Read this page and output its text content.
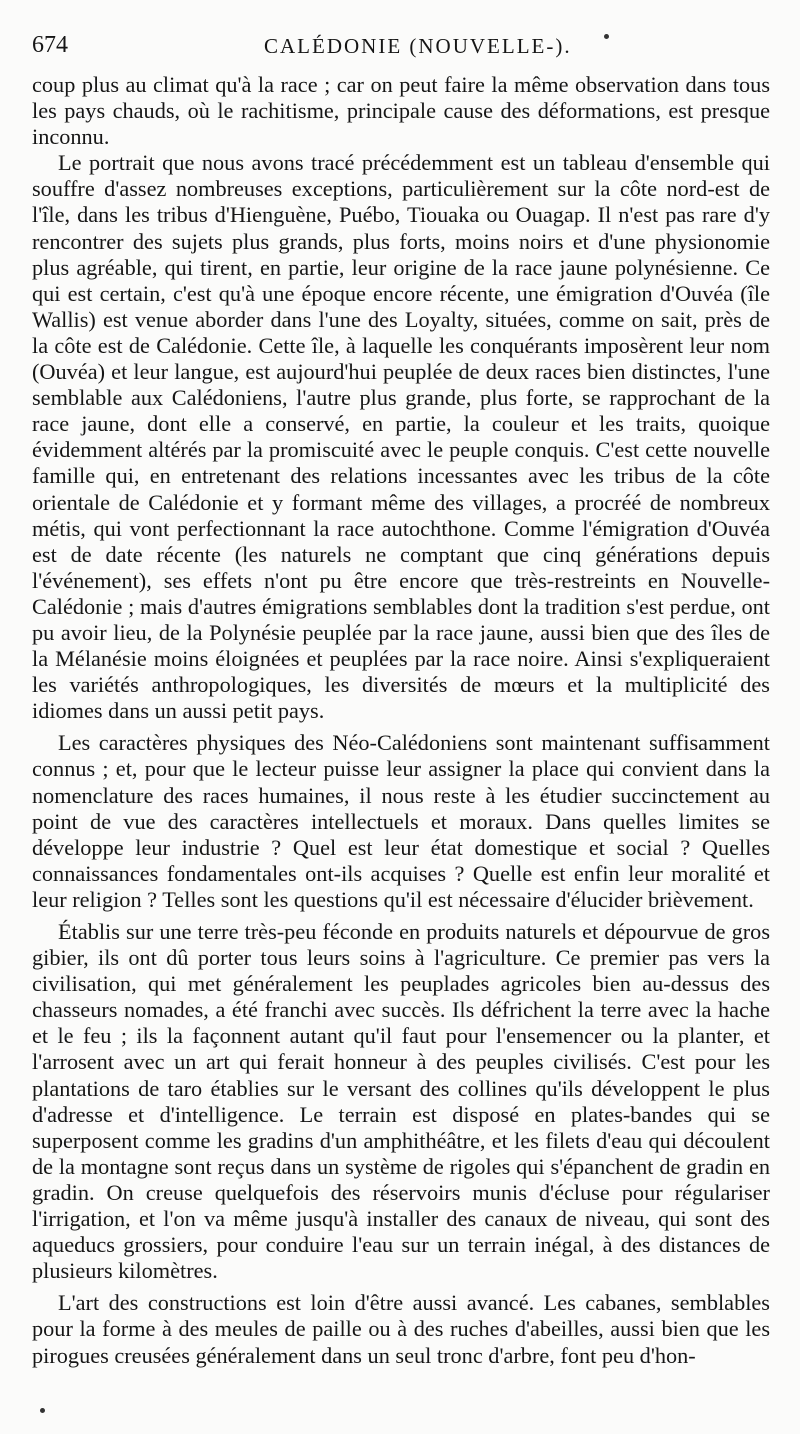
674	CALÉDONIE (NOUVELLE-).

coup plus au climat qu'à la race ; car on peut faire la même observation dans tous les pays chauds, où le rachitisme, principale cause des déformations, est presque inconnu.

Le portrait que nous avons tracé précédemment est un tableau d'ensemble qui souffre d'assez nombreuses exceptions, particulièrement sur la côte nord-est de l'île, dans les tribus d'Hienguène, Puébo, Tiouaka ou Ouagap. Il n'est pas rare d'y rencontrer des sujets plus grands, plus forts, moins noirs et d'une physionomie plus agréable, qui tirent, en partie, leur origine de la race jaune polynésienne. Ce qui est certain, c'est qu'à une époque encore récente, une émigration d'Ouvéa (île Wallis) est venue aborder dans l'une des Loyalty, situées, comme on sait, près de la côte est de Calédonie. Cette île, à laquelle les conquérants imposèrent leur nom (Ouvéa) et leur langue, est aujourd'hui peuplée de deux races bien distinctes, l'une semblable aux Calédoniens, l'autre plus grande, plus forte, se rapprochant de la race jaune, dont elle a conservé, en partie, la couleur et les traits, quoique évidemment altérés par la promiscuité avec le peuple conquis. C'est cette nouvelle famille qui, en entretenant des relations incessantes avec les tribus de la côte orientale de Calédonie et y formant même des villages, a procréé de nombreux métis, qui vont perfectionnant la race autochthone. Comme l'émigration d'Ouvéa est de date récente (les naturels ne comptant que cinq générations depuis l'événement), ses effets n'ont pu être encore que très-restreints en Nouvelle-Calédonie ; mais d'autres émigrations semblables dont la tradition s'est perdue, ont pu avoir lieu, de la Polynésie peuplée par la race jaune, aussi bien que des îles de la Mélanésie moins éloignées et peuplées par la race noire. Ainsi s'expliqueraient les variétés anthropologiques, les diversités de mœurs et la multiplicité des idiomes dans un aussi petit pays.

Les caractères physiques des Néo-Calédoniens sont maintenant suffisamment connus ; et, pour que le lecteur puisse leur assigner la place qui convient dans la nomenclature des races humaines, il nous reste à les étudier succinctement au point de vue des caractères intellectuels et moraux. Dans quelles limites se développe leur industrie ? Quel est leur état domestique et social ? Quelles connaissances fondamentales ont-ils acquises ? Quelle est enfin leur moralité et leur religion ? Telles sont les questions qu'il est nécessaire d'élucider brièvement.

Établis sur une terre très-peu féconde en produits naturels et dépourvue de gros gibier, ils ont dû porter tous leurs soins à l'agriculture. Ce premier pas vers la civilisation, qui met généralement les peuplades agricoles bien au-dessus des chasseurs nomades, a été franchi avec succès. Ils défrichent la terre avec la hache et le feu ; ils la façonnent autant qu'il faut pour l'ensemencer ou la planter, et l'arrosent avec un art qui ferait honneur à des peuples civilisés. C'est pour les plantations de taro établies sur le versant des collines qu'ils développent le plus d'adresse et d'intelligence. Le terrain est disposé en plates-bandes qui se superposent comme les gradins d'un amphithéâtre, et les filets d'eau qui découlent de la montagne sont reçus dans un système de rigoles qui s'épanchent de gradin en gradin. On creuse quelquefois des réservoirs munis d'écluse pour régulariser l'irrigation, et l'on va même jusqu'à installer des canaux de niveau, qui sont des aqueducs grossiers, pour conduire l'eau sur un terrain inégal, à des distances de plusieurs kilomètres.

L'art des constructions est loin d'être aussi avancé. Les cabanes, semblables pour la forme à des meules de paille ou à des ruches d'abeilles, aussi bien que les pirogues creusées généralement dans un seul tronc d'arbre, font peu d'hon-
